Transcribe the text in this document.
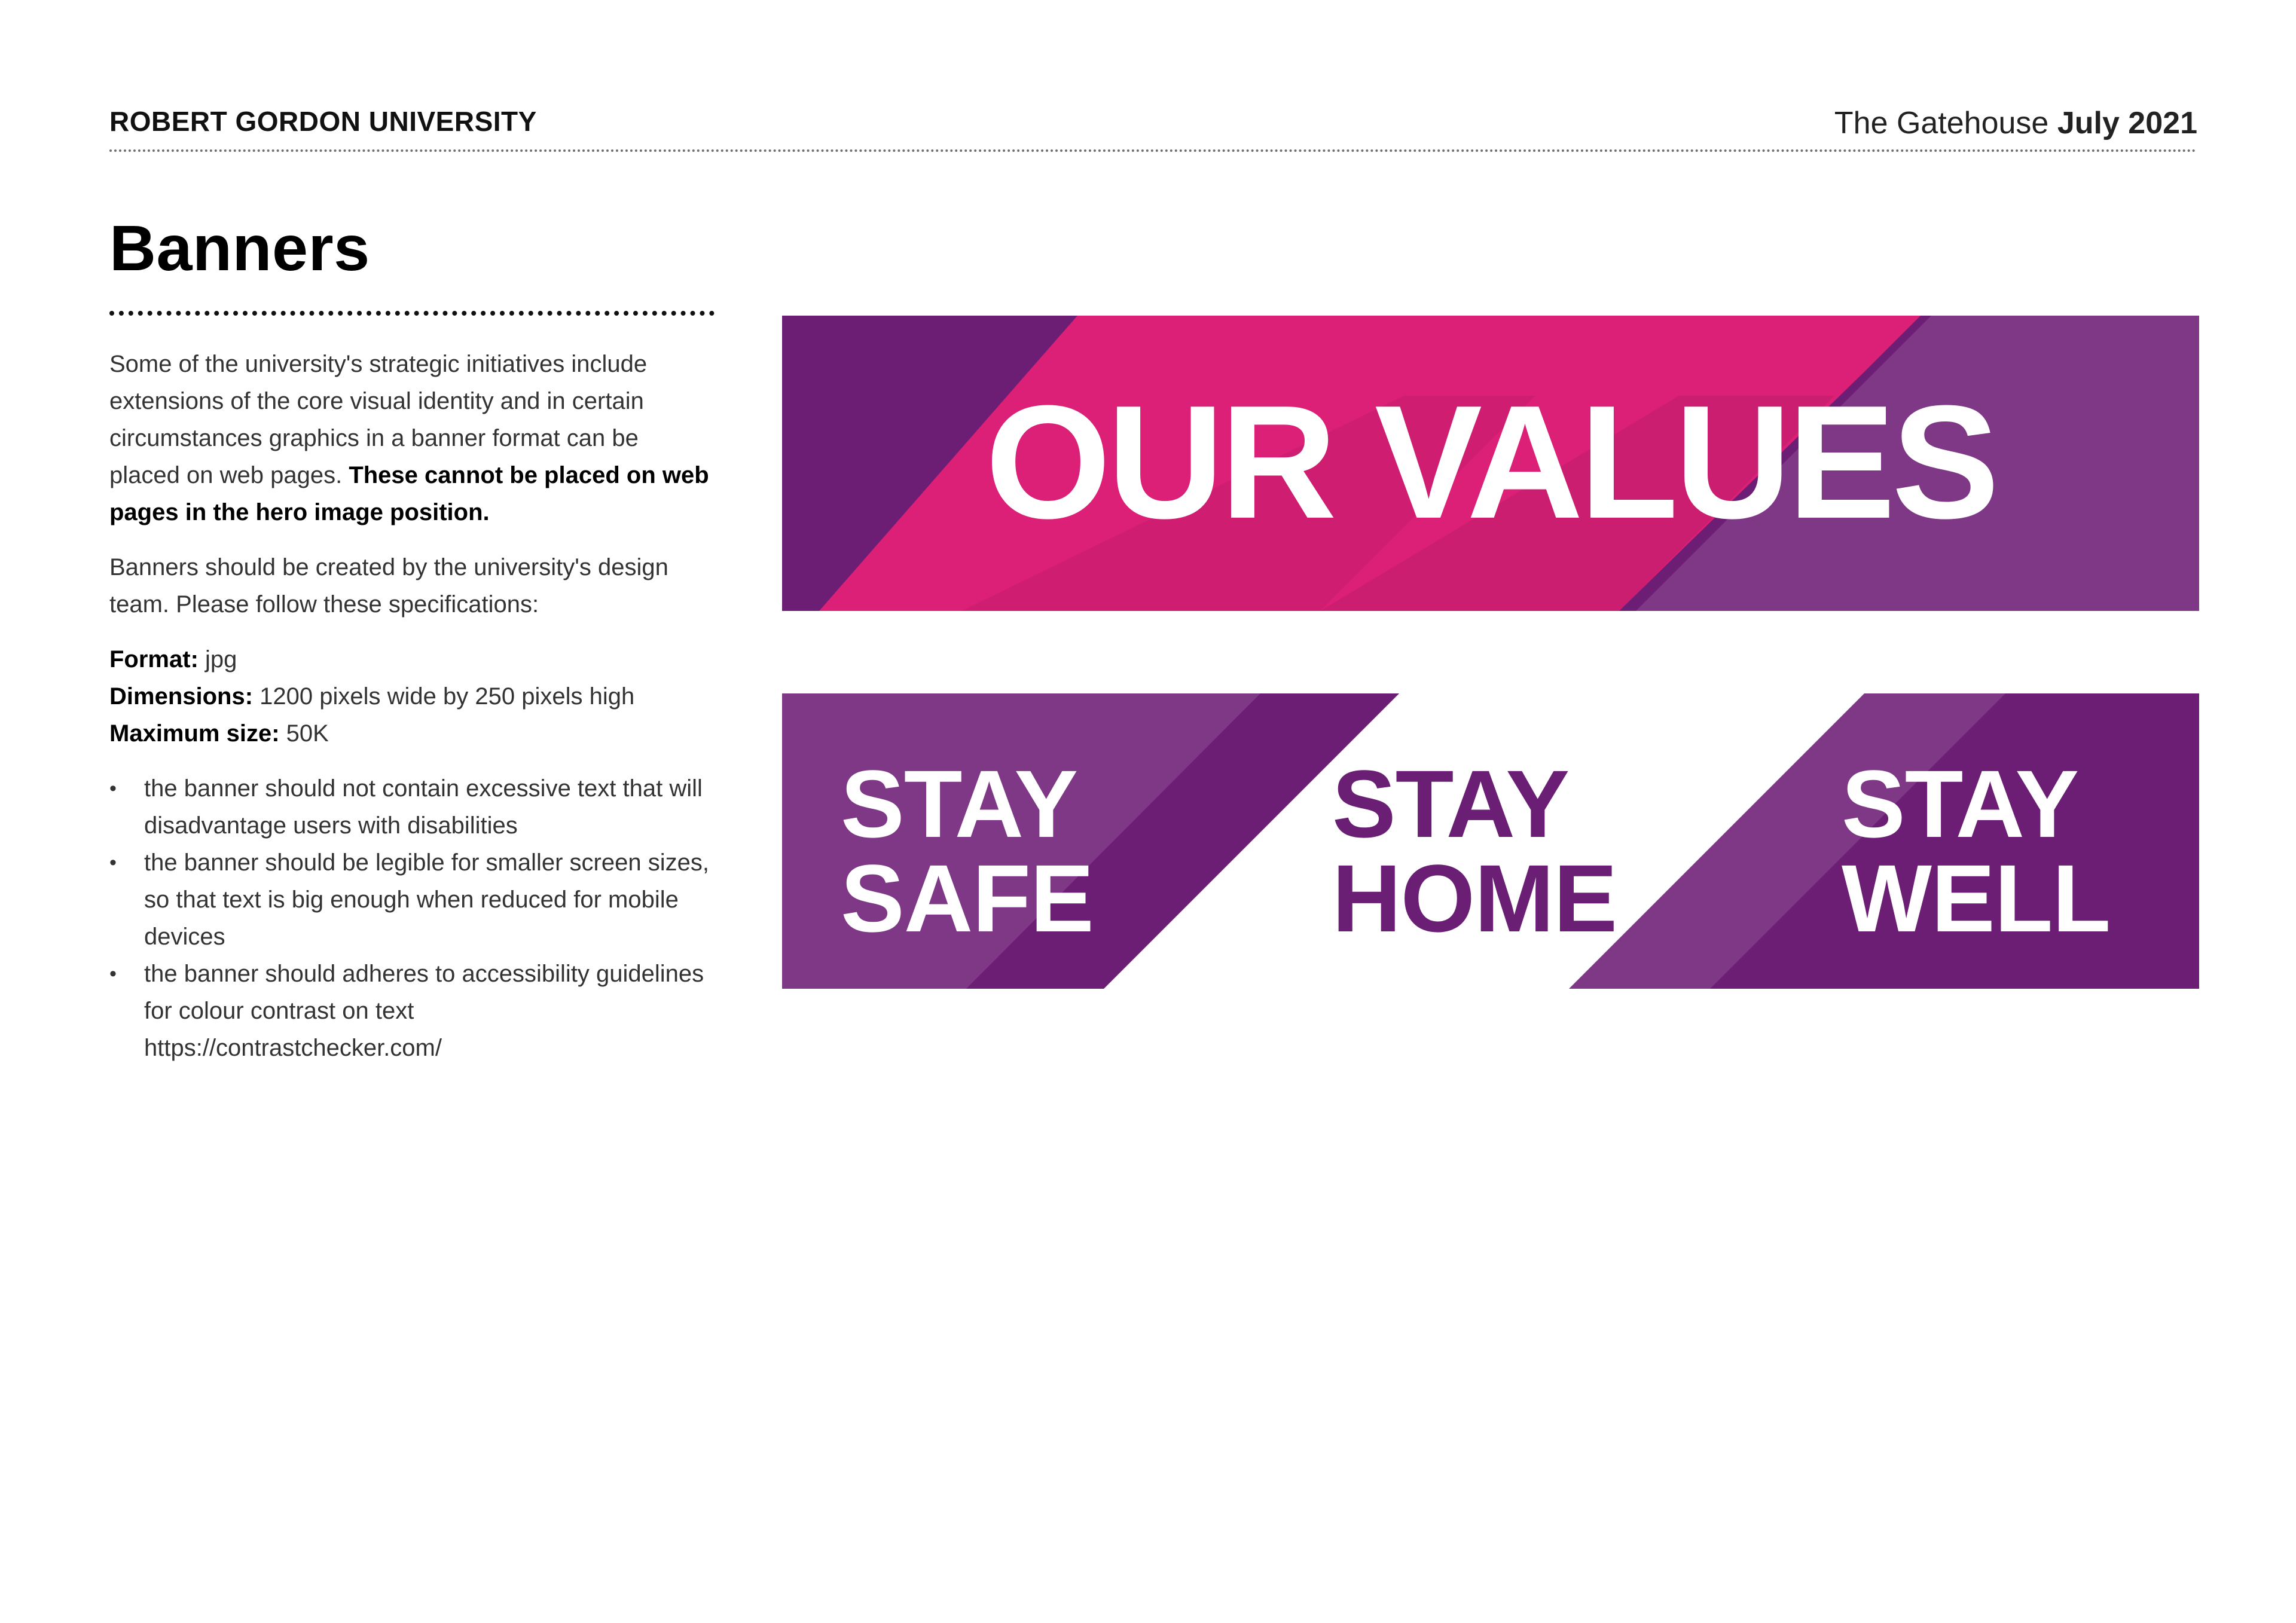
ROBERT GORDON UNIVERSITY	The Gatehouse July 2021
Banners

Some of the university's strategic initiatives include extensions of the core visual identity and in certain circumstances graphics in a banner format can be placed on web pages. These cannot be placed on web pages in the hero image position.

Banners should be created by the university's design team. Please follow these specifications:

Format: jpg
Dimensions: 1200 pixels wide by 250 pixels high
Maximum size: 50K
• the banner should not contain excessive text that will disadvantage users with disabilities
• the banner should be legible for smaller screen sizes, so that text is big enough when reduced for mobile devices
• the banner should adheres to accessibility guidelines for colour contrast on text https://contrastchecker.com/
OUR VALUES
STAY
SAFE
STAY
HOME
STAY
WELL
